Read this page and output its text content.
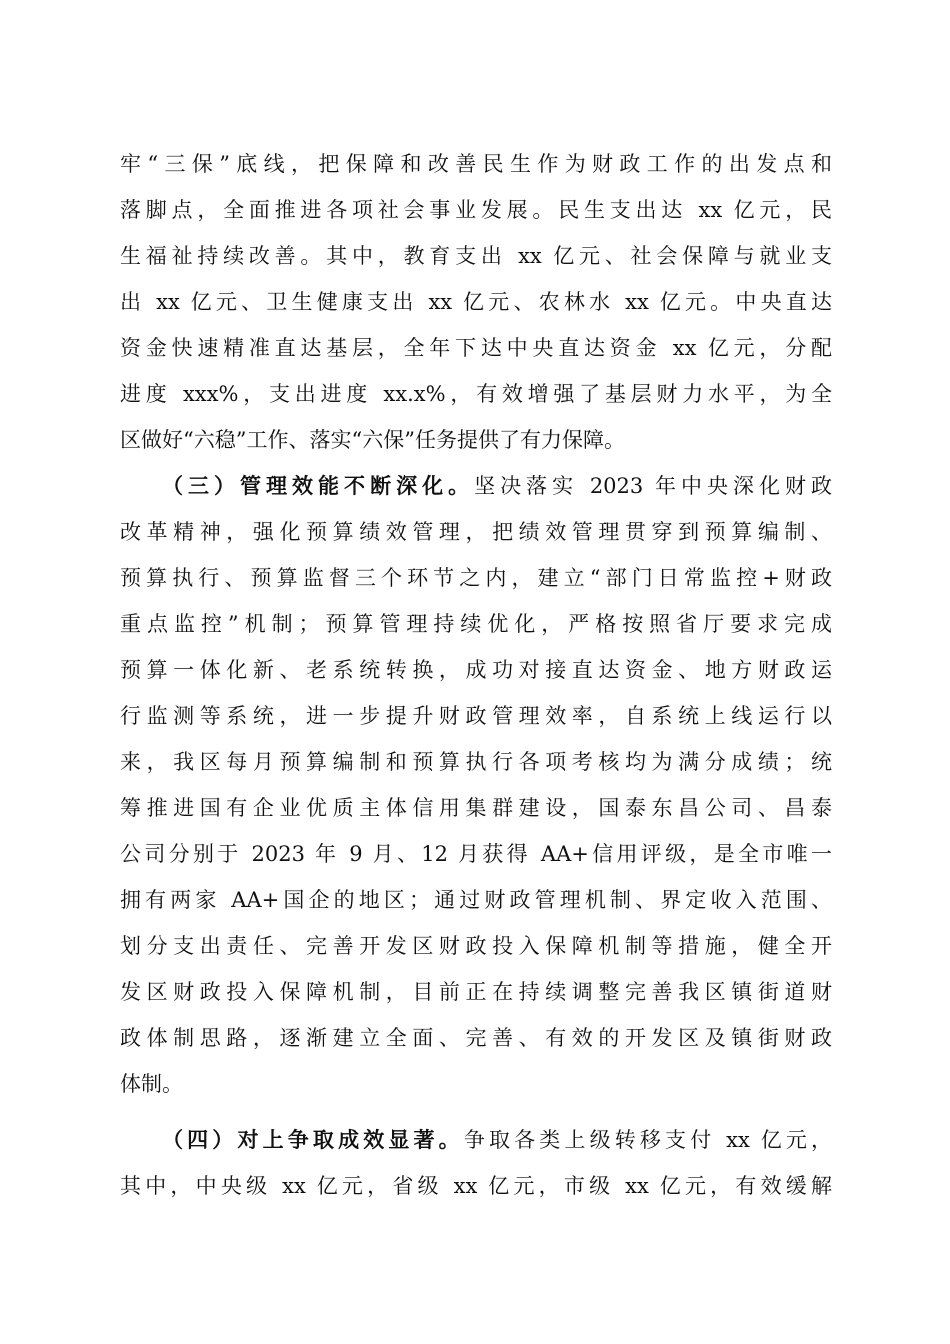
牢“三保”底线，把保障和改善民生作为财政工作的出发点和
落脚点，全面推进各项社会事业发展。民生支出达 xx 亿元，民
生福祉持续改善。其中，教育支出 xx 亿元、社会保障与就业支
出 xx 亿元、卫生健康支出 xx 亿元、农林水 xx 亿元。中央直达
资金快速精准直达基层，全年下达中央直达资金 xx 亿元，分配
进度 xxx%，支出进度 xx.x%，有效增强了基层财力水平，为全
区做好“六稳”工作、落实“六保”任务提供了有力保障。
（三）管理效能不断深化。坚决落实 2023 年中央深化财政
改革精神，强化预算绩效管理，把绩效管理贯穿到预算编制、
预算执行、预算监督三个环节之内，建立“部门日常监控+财政
重点监控”机制；预算管理持续优化，严格按照省厅要求完成
预算一体化新、老系统转换，成功对接直达资金、地方财政运
行监测等系统，进一步提升财政管理效率，自系统上线运行以
来，我区每月预算编制和预算执行各项考核均为满分成绩；统
筹推进国有企业优质主体信用集群建设，国泰东昌公司、昌泰
公司分别于 2023 年 9 月、12 月获得 AA+信用评级，是全市唯一
拥有两家 AA+国企的地区；通过财政管理机制、界定收入范围、
划分支出责任、完善开发区财政投入保障机制等措施，健全开
发区财政投入保障机制，目前正在持续调整完善我区镇街道财
政体制思路，逐渐建立全面、完善、有效的开发区及镇街财政
体制。
（四）对上争取成效显著。争取各类上级转移支付 xx 亿元，
其中，中央级 xx 亿元，省级 xx 亿元，市级 xx 亿元，有效缓解
